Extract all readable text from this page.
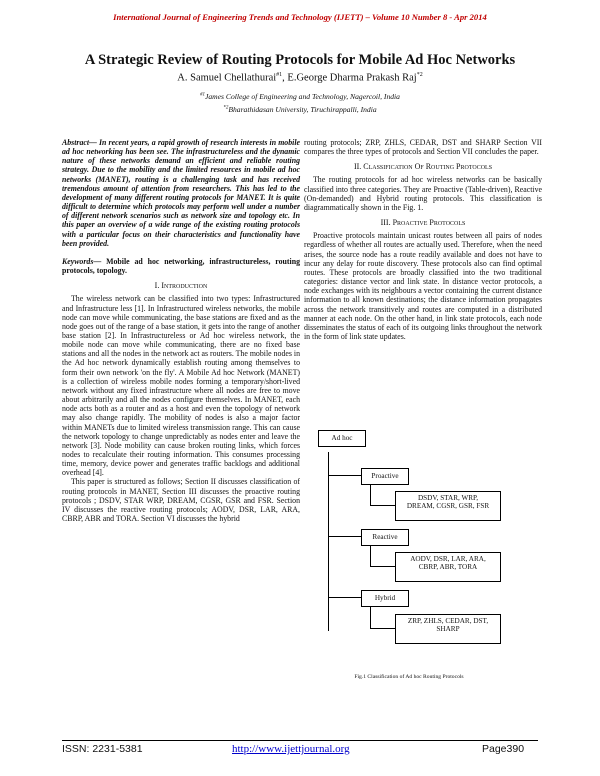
International Journal of Engineering Trends and Technology (IJETT) – Volume 10 Number 8 - Apr 2014
A Strategic Review of Routing Protocols for Mobile Ad Hoc Networks
A. Samuel Chellathurai$^{\#1}$, E.George Dharma Prakash Raj$^{*2}$
$^{\#1}$James College of Engineering and Technology, Nagercoil, India
$^{*2}$Bharathidasan University, Tiruchirappalli, India

Abstract— In recent years, a rapid growth of research interests in mobile ad hoc networking has been see. The infrastructureless and the dynamic nature of these networks demand an efficient and reliable routing strategy. Due to the mobility and the limited resources in mobile ad hoc networks (MANET), routing is a challenging task and has received tremendous amount of attention from researchers. This has led to the development of many different routing protocols for MANET. It is quite difficult to determine which protocols may perform well under a number of different network scenarios such as network size and topology etc. In this paper an overview of a wide range of the existing routing protocols with a particular focus on their characteristics and functionality have been provided.

Keywords— Mobile ad hoc networking, infrastructureless, routing protocols, topology.

I. Introduction

The wireless network can be classified into two types: Infrastructured and Infrastructure less [1]. In Infrastructured wireless networks, the mobile node can move while communicating, the base stations are fixed and as the node goes out of the range of a base station, it gets into the range of another base station [2]. In Infrastructureless or Ad hoc wireless network, the mobile node can move while communicating, there are no fixed base stations and all the nodes in the network act as routers. The mobile nodes in the Ad hoc network dynamically establish routing among themselves to form their own network 'on the fly'. A Mobile Ad hoc Network (MANET) is a collection of wireless mobile nodes forming a temporary/short-lived network without any fixed infrastructure where all nodes are free to move about arbitrarily and all the nodes configure themselves. In MANET, each node acts both as a router and as a host and even the topology of network may also change rapidly. The mobility of nodes is also a major factor within MANETs due to limited wireless transmission range. This can cause the network topology to change unpredictably as nodes enter and leave the network [3]. Node mobility can cause broken routing links, which forces nodes to recalculate their routing information. This consumes processing time, memory, device power and generates traffic backlogs and additional overhead [4].

This paper is structured as follows; Section II discusses classification of routing protocols in MANET, Section III discusses the proactive routing protocols ; DSDV, STAR WRP, DREAM, CGSR, GSR and FSR. Section IV discusses the reactive routing protocols; AODV, DSR, LAR, ARA, CBRP, ABR and TORA. Section VI discusses the hybrid

routing protocols; ZRP, ZHLS, CEDAR, DST and SHARP Section VII compares the three types of protocols and Section VII concludes the paper.

II. Classification Of Routing Protocols

The routing protocols for ad hoc wireless networks can be basically classified into three categories. They are Proactive (Table-driven), Reactive (On-demanded) and Hybrid routing protocols. This classification is diagrammatically shown in the Fig. 1.

III. Proactive Protocols

Proactive protocols maintain unicast routes between all pairs of nodes regardless of whether all routes are actually used. Therefore, when the need arises, the source node has a route readily available and does not have to incur any delay for route discovery. These protocols also can find optimal routes. These protocols are broadly classified into the two traditional categories: distance vector and link state. In distance vector protocols, a node exchanges with its neighbours a vector containing the current distance information to all known destinations; the distance information propagates across the network transitively and routes are computed in a distributed manner at each node. On the other hand, in link state protocols, each node disseminates the status of each of its outgoing links throughout the network in the form of link state updates.

Ad hoc
Proactive
DSDV, STAR, WRP,
DREAM, CGSR, GSR, FSR
Reactive
AODV, DSR, LAR, ARA,
CBRP, ABR, TORA
Hybrid
ZRP, ZHLS, CEDAR, DST,
SHARP
Fig.1 Classification of Ad hoc Routing Protocols
ISSN: 2231-5381	http://www.ijettjournal.org	Page390
